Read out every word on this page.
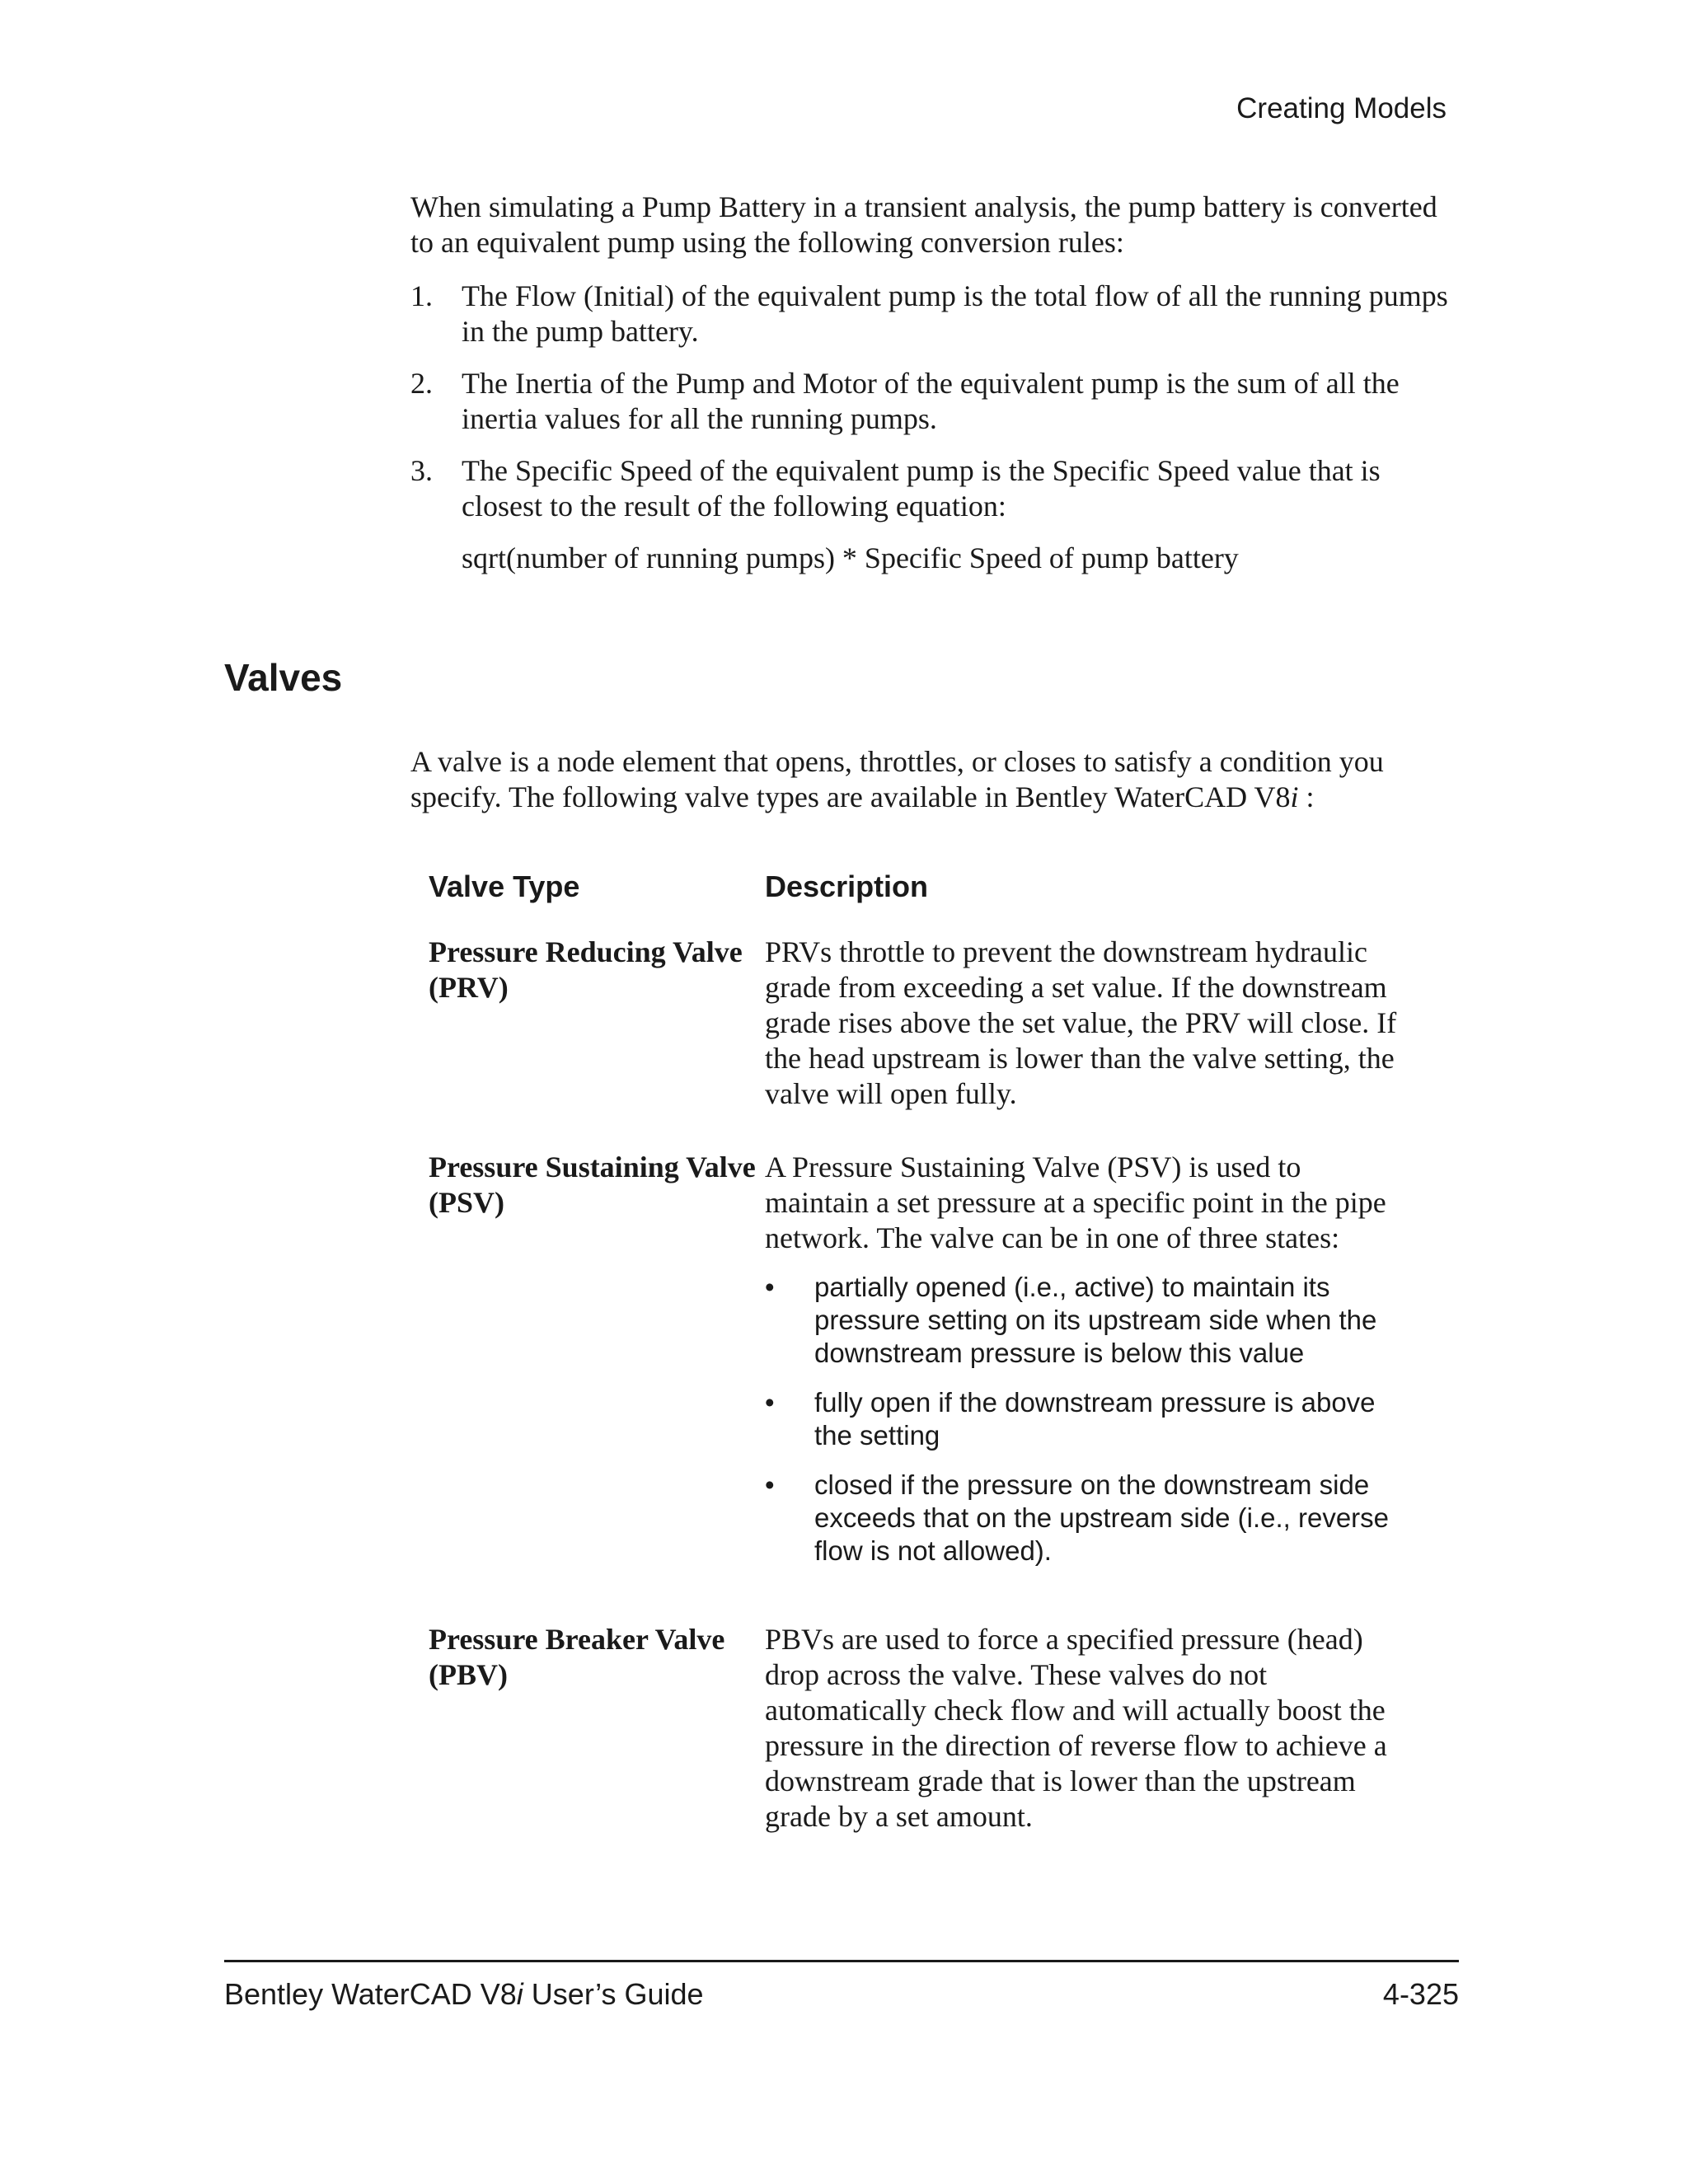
Creating Models

When simulating a Pump Battery in a transient analysis, the pump battery is converted to an equivalent pump using the following conversion rules:

1. The Flow (Initial) of the equivalent pump is the total flow of all the running pumps in the pump battery.
2. The Inertia of the Pump and Motor of the equivalent pump is the sum of all the inertia values for all the running pumps.
3. The Specific Speed of the equivalent pump is the Specific Speed value that is closest to the result of the following equation:

sqrt(number of running pumps) * Specific Speed of pump battery

Valves

A valve is a node element that opens, throttles, or closes to satisfy a condition you specify. The following valve types are available in Bentley WaterCAD V8i :

Valve Type	Description
Pressure Reducing Valve (PRV)

PRVs throttle to prevent the downstream hydraulic grade from exceeding a set value. If the downstream grade rises above the set value, the PRV will close. If the head upstream is lower than the valve setting, the valve will open fully.

Pressure Sustaining Valve (PSV)

A Pressure Sustaining Valve (PSV) is used to maintain a set pressure at a specific point in the pipe network. The valve can be in one of three states:

• partially opened (i.e., active) to maintain its pressure setting on its upstream side when the downstream pressure is below this value
• fully open if the downstream pressure is above the setting
• closed if the pressure on the downstream side exceeds that on the upstream side (i.e., reverse flow is not allowed).
Pressure Breaker Valve (PBV)

PBVs are used to force a specified pressure (head) drop across the valve. These valves do not automatically check flow and will actually boost the pressure in the direction of reverse flow to achieve a downstream grade that is lower than the upstream grade by a set amount.

Bentley WaterCAD V8i User’s Guide	4-325
